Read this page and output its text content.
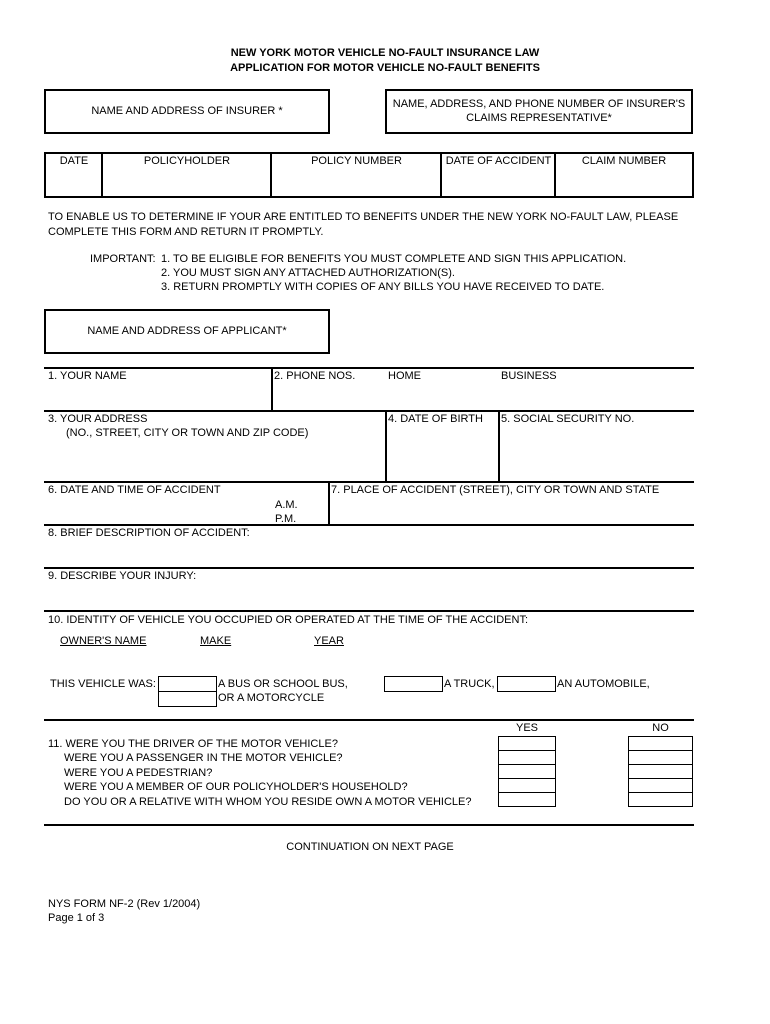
NEW YORK MOTOR VEHICLE NO-FAULT INSURANCE LAW
APPLICATION FOR MOTOR VEHICLE NO-FAULT BENEFITS
NAME AND ADDRESS OF INSURER *
NAME, ADDRESS, AND PHONE NUMBER OF INSURER'S
CLAIMS REPRESENTATIVE*
DATE	POLICYHOLDER	POLICY NUMBER	DATE OF ACCIDENT	CLAIM NUMBER
TO ENABLE US TO DETERMINE IF YOUR ARE ENTITLED TO BENEFITS UNDER THE NEW YORK NO-FAULT LAW, PLEASE
COMPLETE THIS FORM AND RETURN IT PROMPTLY.
IMPORTANT: 1. TO BE ELIGIBLE FOR BENEFITS YOU MUST COMPLETE AND SIGN THIS APPLICATION.
2. YOU MUST SIGN ANY ATTACHED AUTHORIZATION(S).
3. RETURN PROMPTLY WITH COPIES OF ANY BILLS YOU HAVE RECEIVED TO DATE.
NAME AND ADDRESS OF APPLICANT*
1. YOUR NAME	2. PHONE NOS.	HOME	BUSINESS
3. YOUR ADDRESS
(NO., STREET, CITY OR TOWN AND ZIP CODE)
4. DATE OF BIRTH 5. SOCIAL SECURITY NO.
6. DATE AND TIME OF ACCIDENT
A.M.
P.M.
7. PLACE OF ACCIDENT (STREET), CITY OR TOWN AND STATE
8. BRIEF DESCRIPTION OF ACCIDENT:
9. DESCRIBE YOUR INJURY:
10. IDENTITY OF VEHICLE YOU OCCUPIED OR OPERATED AT THE TIME OF THE ACCIDENT:
OWNER'S NAME	MAKE	YEAR
THIS VEHICLE WAS:	A BUS OR SCHOOL BUS,
OR A MOTORCYCLE
A TRUCK,	AN AUTOMOBILE,
YES	NO
11. WERE YOU THE DRIVER OF THE MOTOR VEHICLE?
WERE YOU A PASSENGER IN THE MOTOR VEHICLE?
WERE YOU A PEDESTRIAN?
WERE YOU A MEMBER OF OUR POLICYHOLDER'S HOUSEHOLD?
DO YOU OR A RELATIVE WITH WHOM YOU RESIDE OWN A MOTOR VEHICLE?
CONTINUATION ON NEXT PAGE
NYS FORM NF-2 (Rev 1/2004)
Page 1 of 3
